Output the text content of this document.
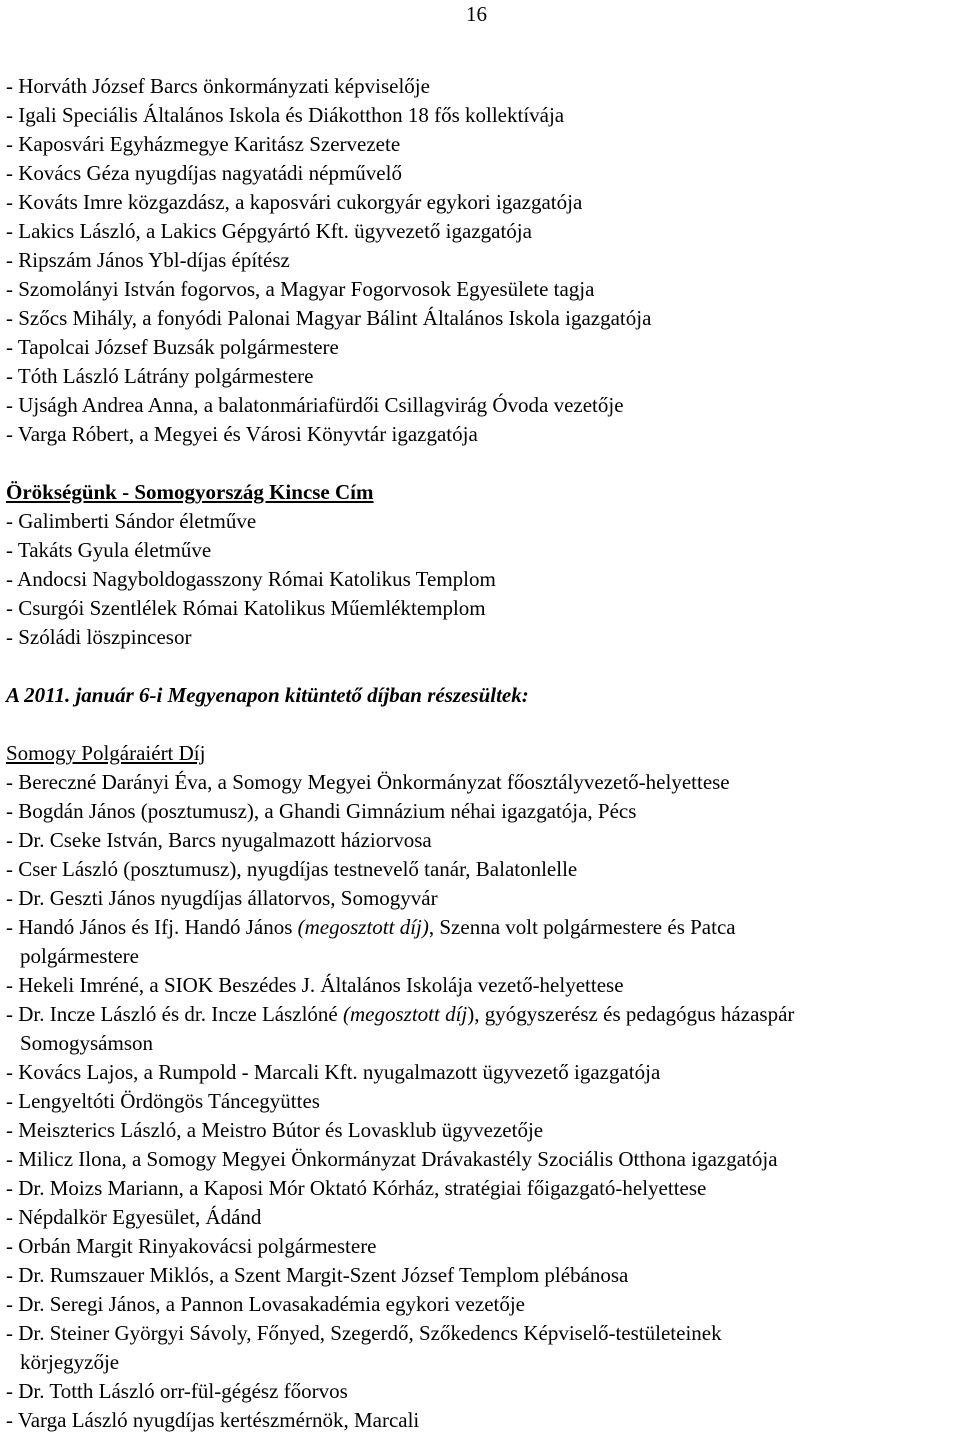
16
- Horváth József Barcs önkormányzati képviselője
- Igali Speciális Általános Iskola és Diákotthon 18 fős kollektívája
- Kaposvári Egyházmegye Karitász Szervezete
- Kovács Géza nyugdíjas nagyatádi népművelő
- Kováts Imre közgazdász, a kaposvári cukorgyár egykori igazgatója
- Lakics László, a Lakics Gépgyártó Kft. ügyvezető igazgatója
- Ripszám János Ybl-díjas építész
- Szomolányi István fogorvos, a Magyar Fogorvosok Egyesülete tagja
- Szőcs Mihály, a fonyódi Palonai Magyar Bálint Általános Iskola igazgatója
- Tapolcai József Buzsák polgármestere
- Tóth László Látrány polgármestere
- Ujságh Andrea Anna, a balatonmáriafürdői Csillagvirág Óvoda vezetője
- Varga Róbert, a Megyei és Városi Könyvtár igazgatója
Örökségünk - Somogyország Kincse Cím
- Galimberti Sándor életműve
- Takáts Gyula életműve
- Andocsi Nagyboldogasszony Római Katolikus Templom
- Csurgói Szentlélek Római Katolikus Műemléktemplom
- Szóládi löszpincesor
A 2011. január 6-i Megyenapon kitüntető díjban részesültek:
Somogy Polgáraiért Díj
- Bereczné Darányi Éva, a Somogy Megyei Önkormányzat főosztályvezető-helyettese
- Bogdán János (posztumusz), a Ghandi Gimnázium néhai igazgatója, Pécs
- Dr. Cseke István, Barcs nyugalmazott háziorvosa
- Cser László (posztumusz), nyugdíjas testnevelő tanár, Balatonlelle
- Dr. Geszti János nyugdíjas állatorvos, Somogyvár
- Handó János és Ifj. Handó János (megosztott díj), Szenna volt polgármestere és Patca
polgármestere
- Hekeli Imréné, a SIOK Beszédes J. Általános Iskolája vezető-helyettese
- Dr. Incze László és dr. Incze Lászlóné (megosztott díj), gyógyszerész és pedagógus házaspár
Somogysámson
- Kovács Lajos, a Rumpold - Marcali Kft. nyugalmazott ügyvezető igazgatója
- Lengyeltóti Ördöngös Táncegyüttes
- Meiszterics László, a Meistro Bútor és Lovasklub ügyvezetője
- Milicz Ilona, a Somogy Megyei Önkormányzat Drávakastély Szociális Otthona igazgatója
- Dr. Moizs Mariann, a Kaposi Mór Oktató Kórház, stratégiai főigazgató-helyettese
- Népdalkör Egyesület, Ádánd
- Orbán Margit Rinyakovácsi polgármestere
- Dr. Rumszauer Miklós, a Szent Margit-Szent József Templom plébánosa
- Dr. Seregi János, a Pannon Lovasakadémia egykori vezetője
- Dr. Steiner Györgyi Sávoly, Főnyed, Szegerdő, Szőkedencs Képviselő-testületeinek
körjegyzője
- Dr. Totth László orr-fül-gégész főorvos
- Varga László nyugdíjas kertészmérnök, Marcali
